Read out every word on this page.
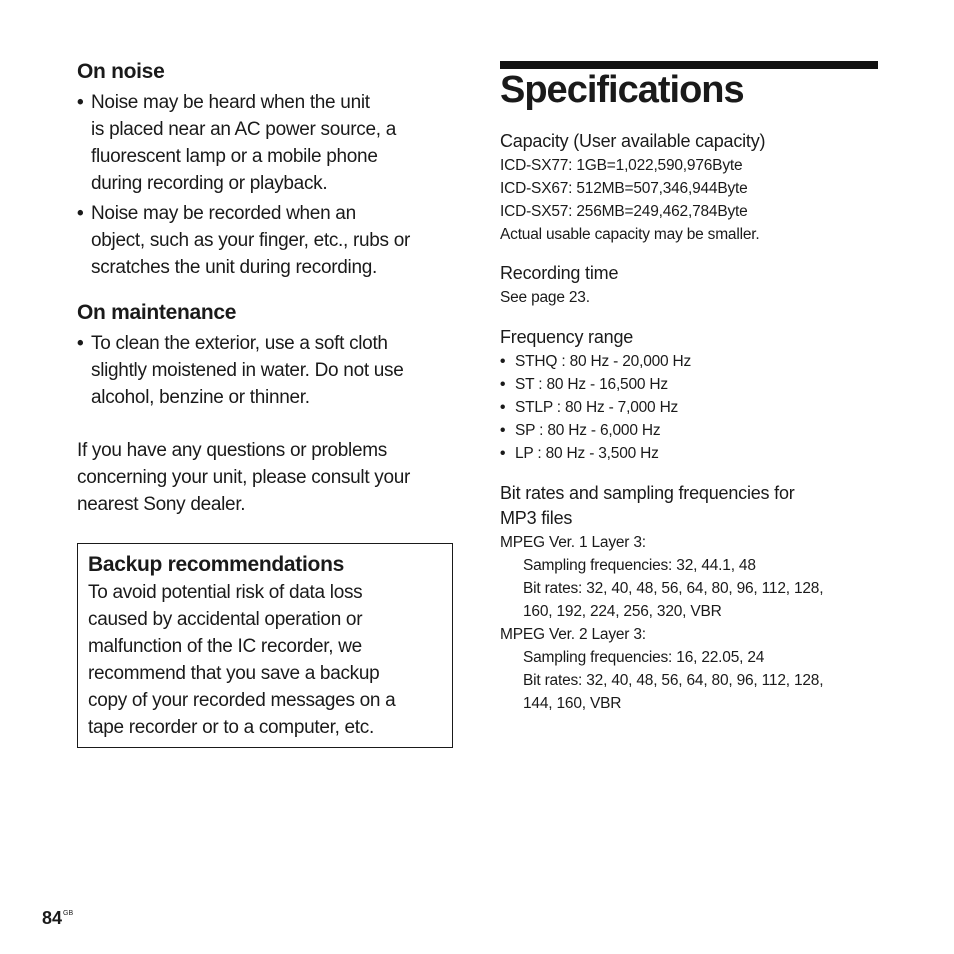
On noise
• Noise may be heard when the unit
is placed near an AC power source, a
fluorescent lamp or a mobile phone
during recording or playback.
• Noise may be recorded when an
object, such as your finger, etc., rubs or
scratches the unit during recording.
On maintenance
• To clean the exterior, use a soft cloth
slightly moistened in water. Do not use
alcohol, benzine or thinner.

If you have any questions or problems
concerning your unit, please consult your
nearest Sony dealer.

Backup recommendations

To avoid potential risk of data loss
caused by accidental operation or
malfunction of the IC recorder, we
recommend that you save a backup
copy of your recorded messages on a
tape recorder or to a computer, etc.

Specifications
Capacity (User available capacity)

ICD-SX77: 1GB=1,022,590,976Byte

ICD-SX67: 512MB=507,346,944Byte

ICD-SX57: 256MB=249,462,784Byte

Actual usable capacity may be smaller.

Recording time

See page 23.

Frequency range
• STHQ : 80 Hz - 20,000 Hz
• ST : 80 Hz - 16,500 Hz
• STLP : 80 Hz - 7,000 Hz
• SP : 80 Hz - 6,000 Hz
• LP : 80 Hz - 3,500 Hz
Bit rates and sampling frequencies for
MP3 files

MPEG Ver. 1 Layer 3:

Sampling frequencies: 32, 44.1, 48

Bit rates: 32, 40, 48, 56, 64, 80, 96, 112, 128,

160, 192, 224, 256, 320, VBR

MPEG Ver. 2 Layer 3:

Sampling frequencies: 16, 22.05, 24

Bit rates: 32, 40, 48, 56, 64, 80, 96, 112, 128,

144, 160, VBR

$84^{GB}$
